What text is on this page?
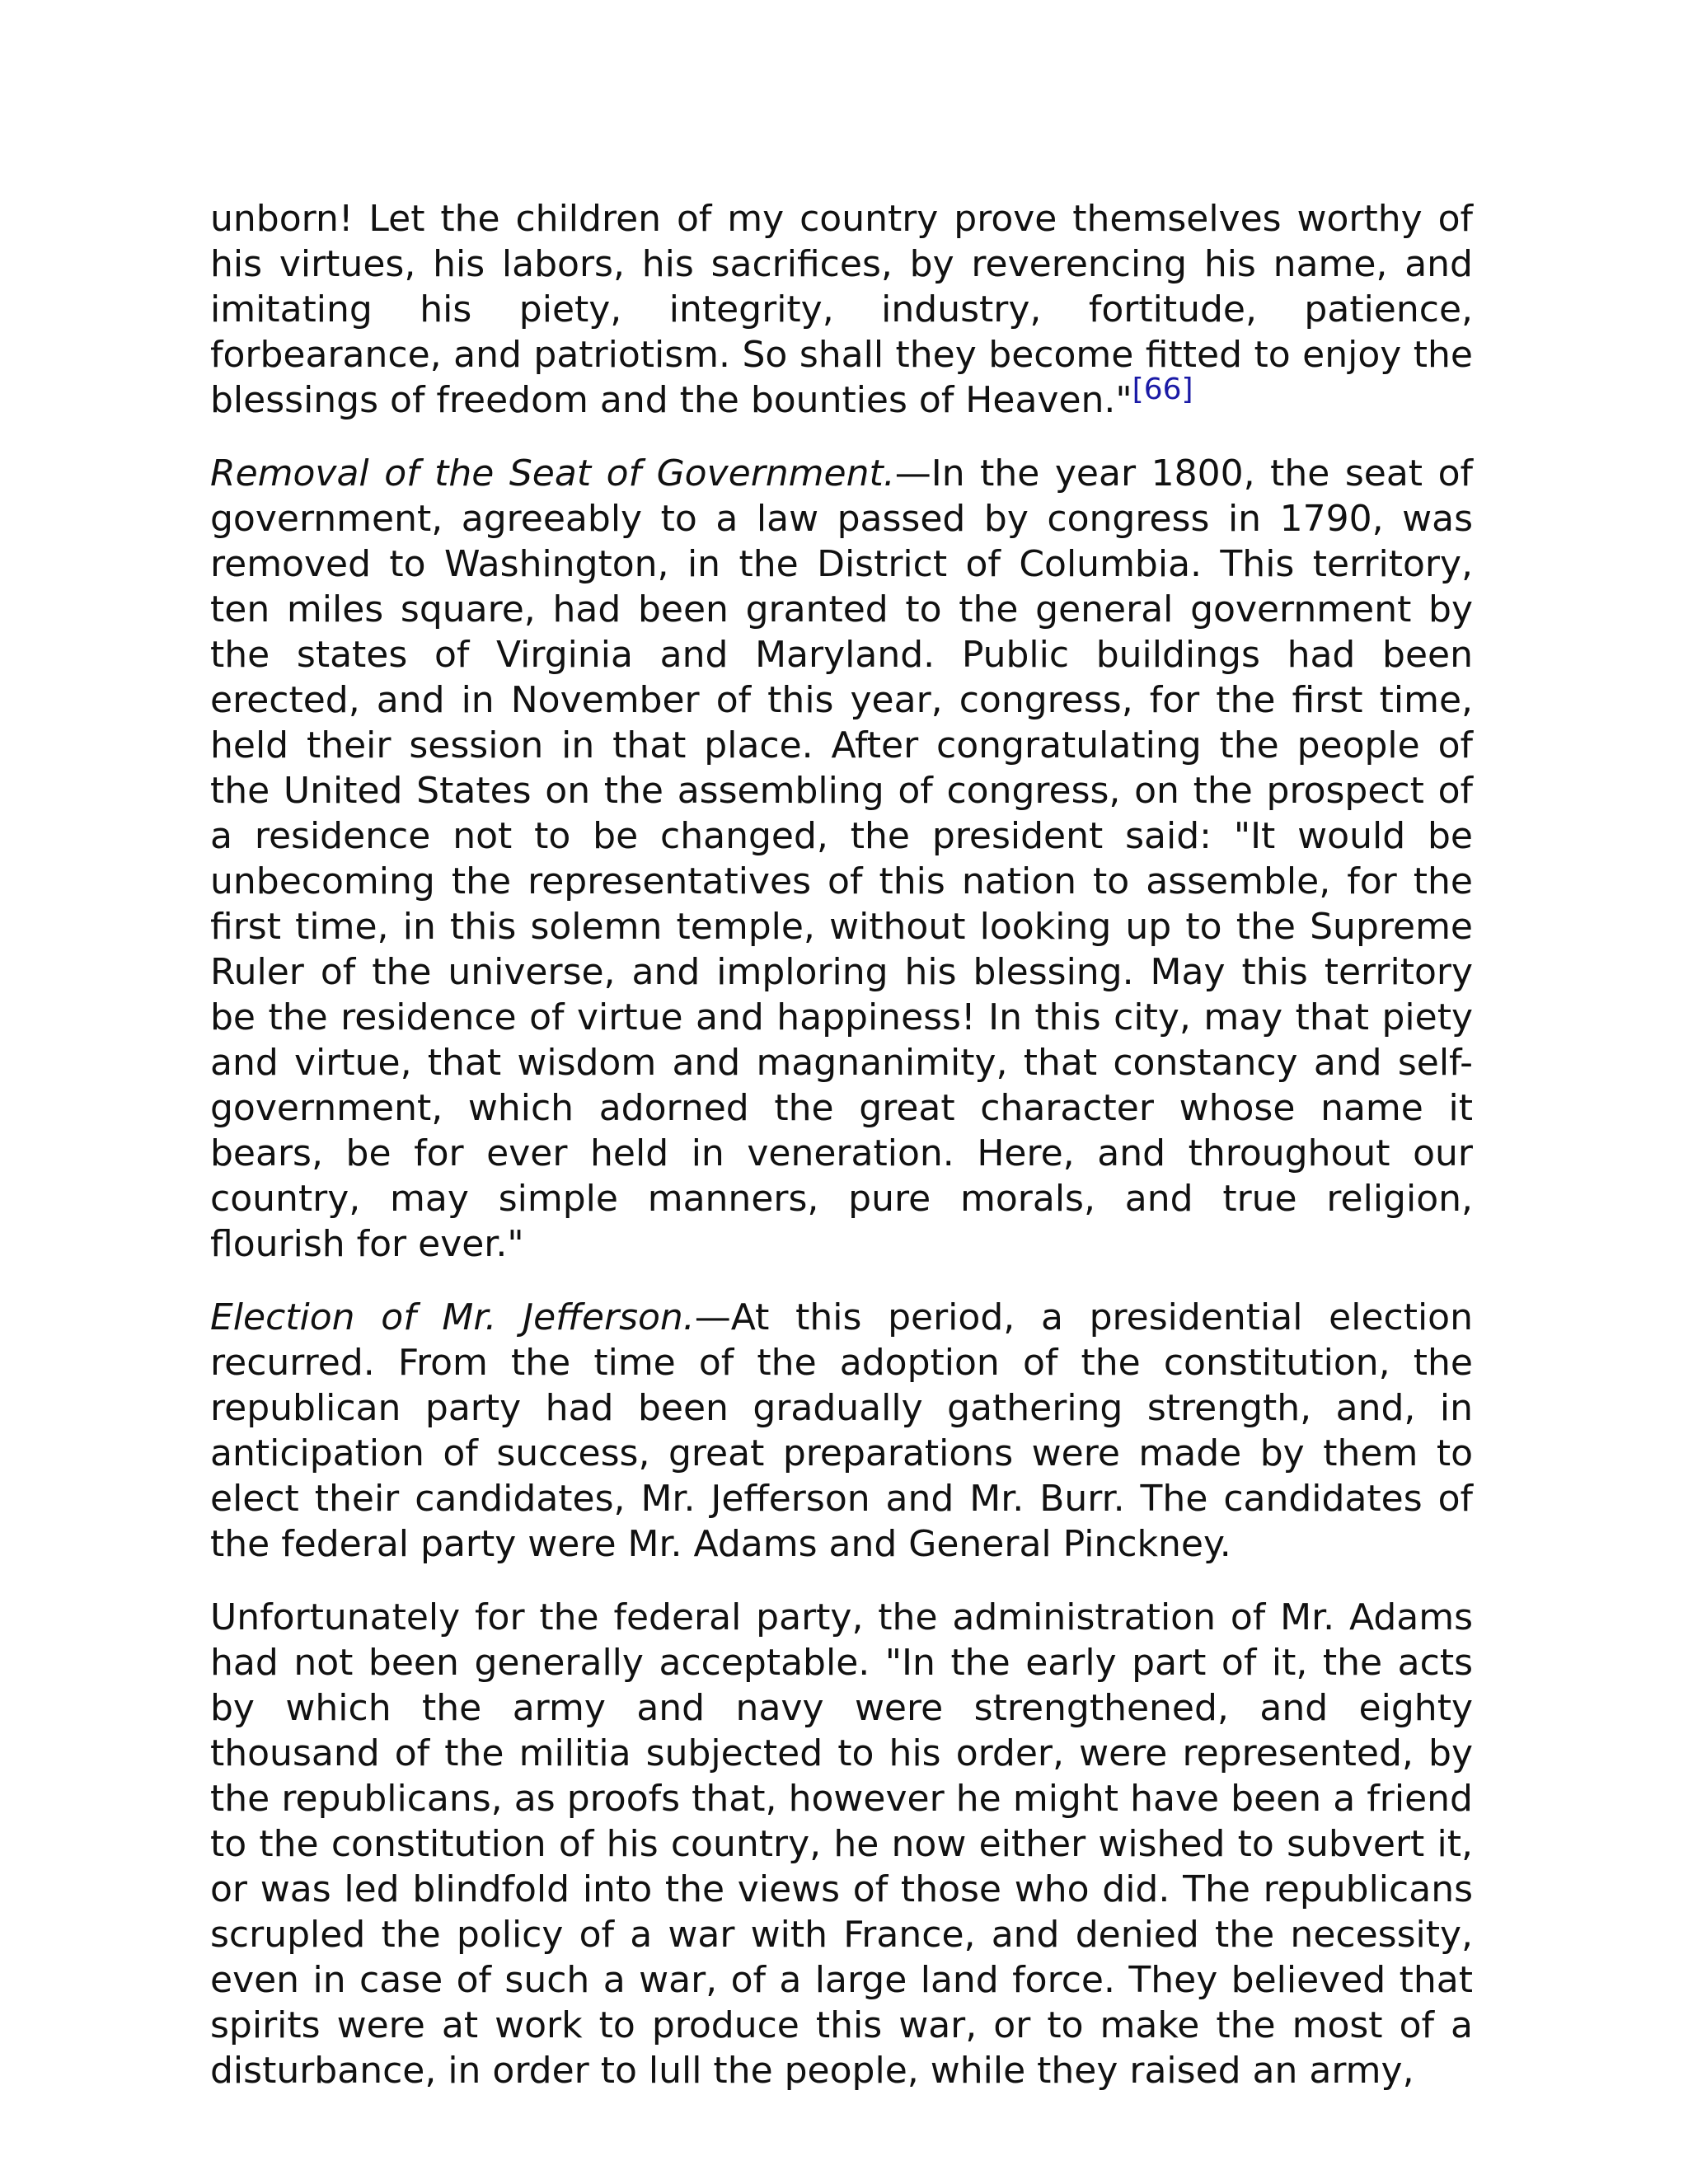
unborn! Let the children of my country prove themselves worthy of his virtues, his labors, his sacrifices, by reverencing his name, and imitating his piety, integrity, industry, fortitude, patience, forbearance, and patriotism. So shall they become fitted to enjoy the blessings of freedom and the bounties of Heaven."[66]

Removal of the Seat of Government.—In the year 1800, the seat of government, agreeably to a law passed by congress in 1790, was removed to Washington, in the District of Columbia. This territory, ten miles square, had been granted to the general government by the states of Virginia and Maryland. Public buildings had been erected, and in November of this year, congress, for the first time, held their session in that place. After congratulating the people of the United States on the assembling of congress, on the prospect of a residence not to be changed, the president said: "It would be unbecoming the representatives of this nation to assemble, for the first time, in this solemn temple, without looking up to the Supreme Ruler of the universe, and imploring his blessing. May this territory be the residence of virtue and happiness! In this city, may that piety and virtue, that wisdom and magnanimity, that constancy and self-government, which adorned the great character whose name it bears, be for ever held in veneration. Here, and throughout our country, may simple manners, pure morals, and true religion, flourish for ever."

Election of Mr. Jefferson.—At this period, a presidential election recurred. From the time of the adoption of the constitution, the republican party had been gradually gathering strength, and, in anticipation of success, great preparations were made by them to elect their candidates, Mr. Jefferson and Mr. Burr. The candidates of the federal party were Mr. Adams and General Pinckney.

Unfortunately for the federal party, the administration of Mr. Adams had not been generally acceptable. "In the early part of it, the acts by which the army and navy were strengthened, and eighty thousand of the militia subjected to his order, were represented, by the republicans, as proofs that, however he might have been a friend to the constitution of his country, he now either wished to subvert it, or was led blindfold into the views of those who did. The republicans scrupled the policy of a war with France, and denied the necessity, even in case of such a war, of a large land force. They believed that spirits were at work to produce this war, or to make the most of a disturbance, in order to lull the people, while they raised an army,
